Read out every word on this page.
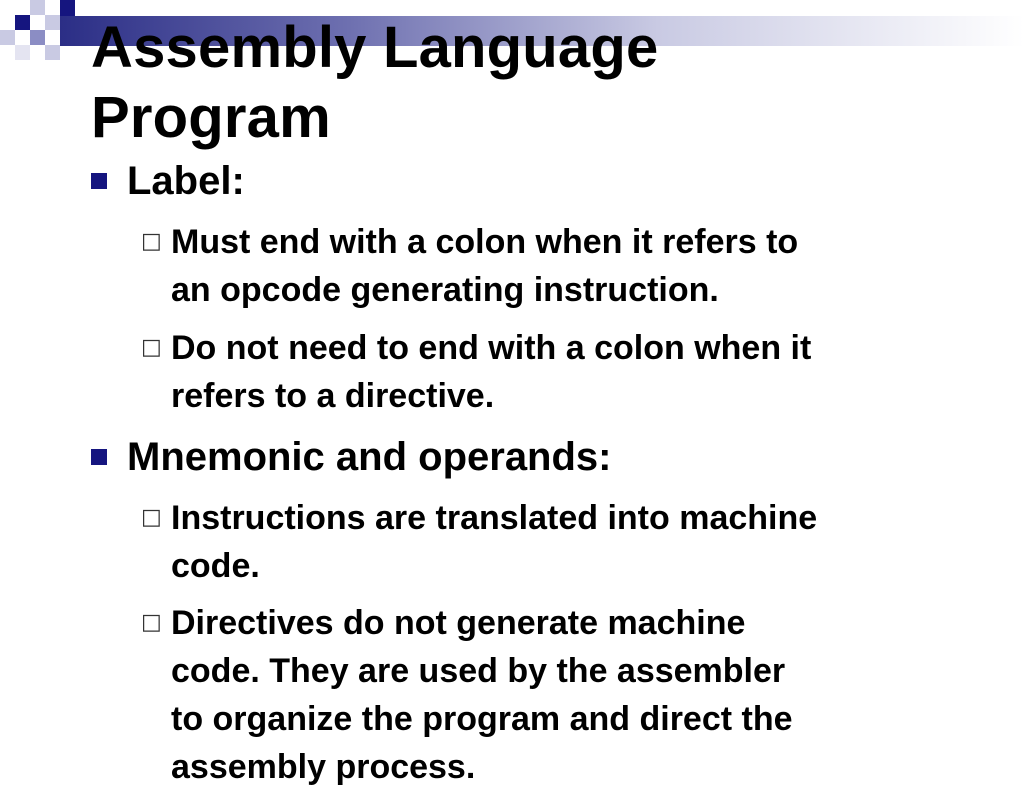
Assembly Language
Program
Label:
□ Must end with a colon when it refers to
an opcode generating instruction.
□ Do not need to end with a colon when it
refers to a directive.
Mnemonic and operands:
□ Instructions are translated into machine
code.
□ Directives do not generate machine
code. They are used by the assembler
to organize the program and direct the
assembly process.
